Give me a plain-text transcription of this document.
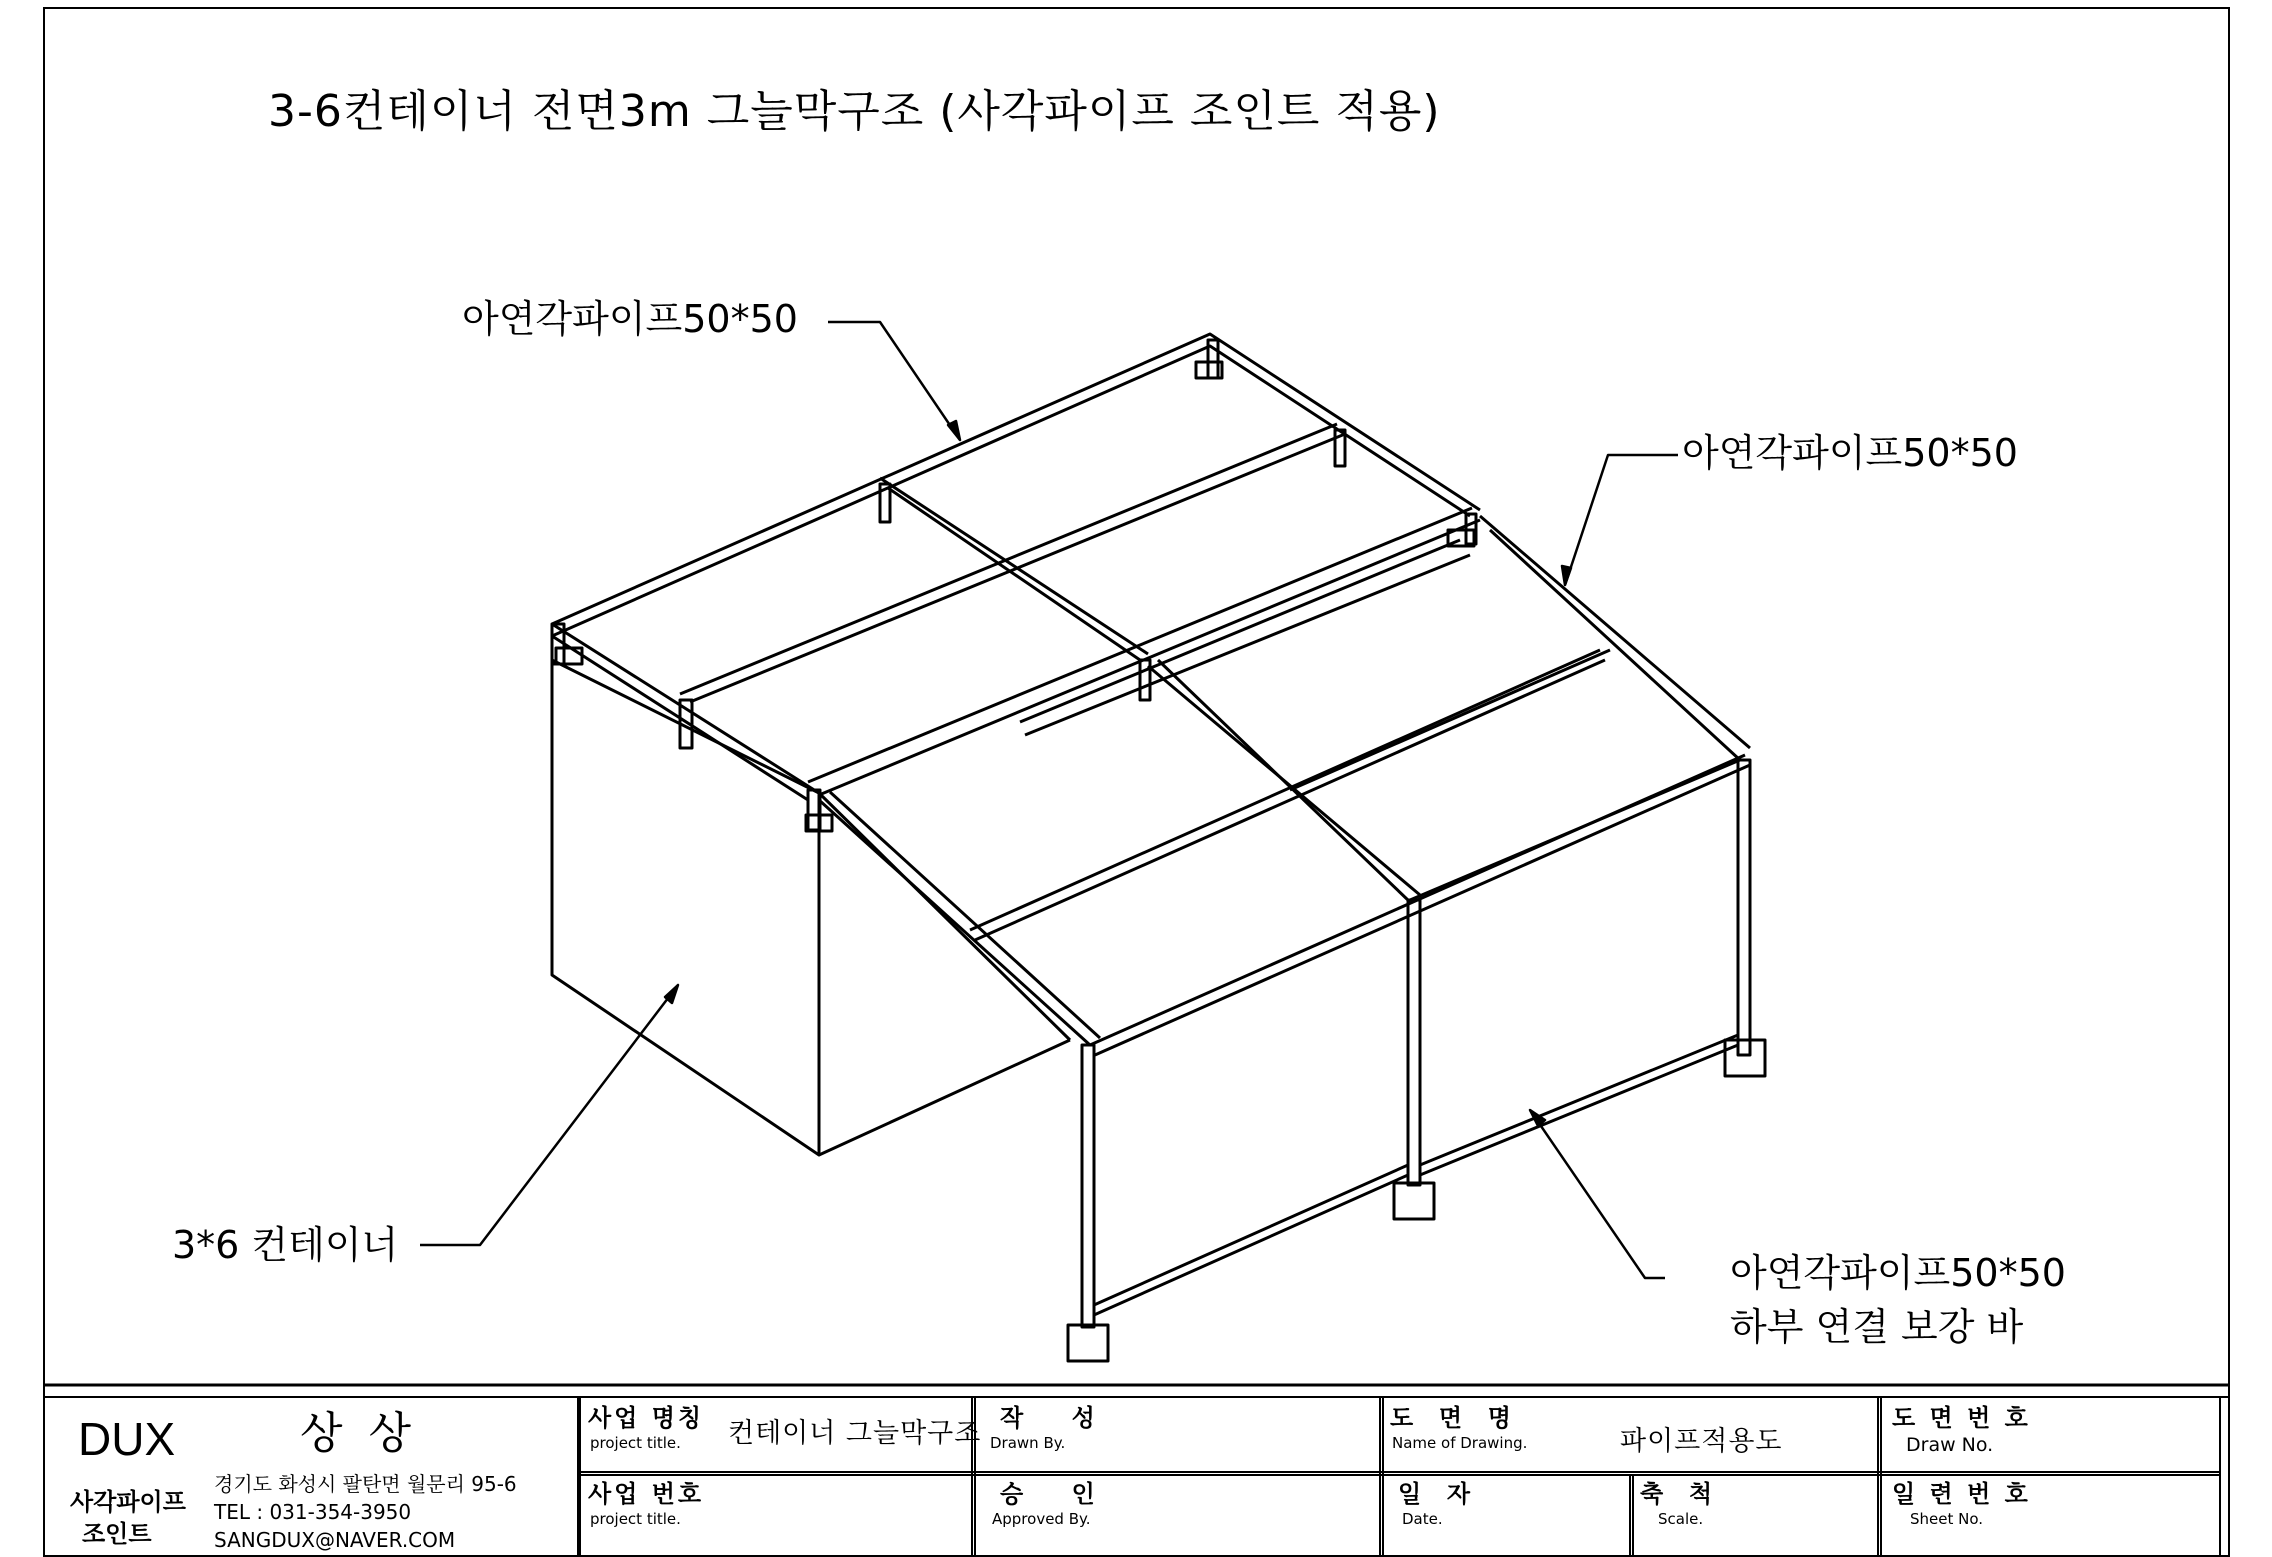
3-6컨테이너 전면3m 그늘막구조 (사각파이프 조인트 적용)
아연각파이프50*50
아연각파이프50*50
아연각파이프50*50
하부 연결 보강 바
3*6 컨테이너
DUX	상 상
사각파이프
조인트
경기도 화성시 팔탄면 월문리 95-6
TEL : 031-354-3950
SANGDUX@NAVER.COM
사업 명칭
project title. 컨테이너 그늘막구조
사업 번호
project title.
작    성
Drawn By.
승    인
Approved By.
도  면  명
Name of Drawing.	파이프적용도
일  자
Date.
축  척
Scale.
도 면 번 호
Draw No.
일 련 번 호
Sheet No.
